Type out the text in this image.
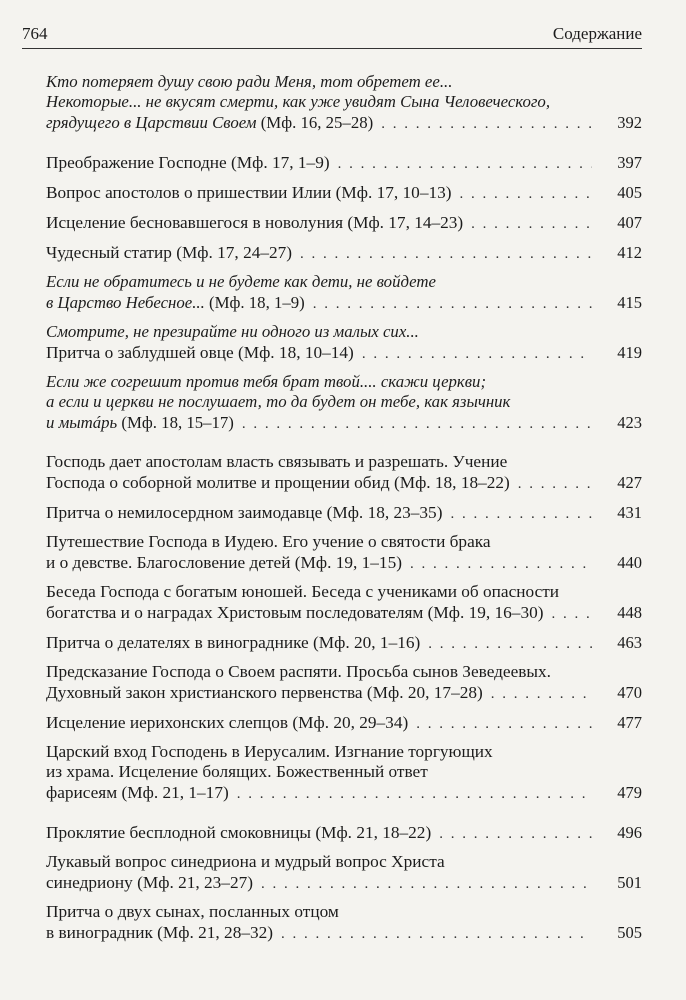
764	Содержание
Кто потеряет душу свою ради Меня, тот обретет ее...
Некоторые... не вкусят смерти, как уже увидят Сына Человеческого,
грядущего в Царствии Своем (Мф. 16, 25–28) . . .	392
Преображение Господне (Мф. 17, 1–9) . . .	397
Вопрос апостолов о пришествии Илии (Мф. 17, 10–13) . . .	405
Исцеление бесновавшегося в новолуния (Мф. 17, 14–23) . . .	407
Чудесный статир (Мф. 17, 24–27) . . .	412
Если не обратитесь и не будете как дети, не войдете
в Царство Небесное... (Мф. 18, 1–9) . . .	415
Смотрите, не презирайте ни одного из малых сих...
Притча о заблудшей овце (Мф. 18, 10–14) . . .	419
Если же согрешит против тебя брат твой.... скажи церкви;
а если и церкви не послушает, то да будет он тебе, как язычник
и мытáрь (Мф. 18, 15–17) . . .	423
Господь дает апостолам власть связывать и разрешать. Учение
Господа о соборной молитве и прощении обид (Мф. 18, 18–22) . . .	427
Притча о немилосердном заимодавце (Мф. 18, 23–35) . . .	431
Путешествие Господа в Иудею. Его учение о святости брака
и о девстве. Благословение детей (Мф. 19, 1–15) . . .	440
Беседа Господа с богатым юношей. Беседа с учениками об опасности
богатства и о наградах Христовым последователям (Мф. 19, 16–30) . . .	448
Притча о делателях в винограднике (Мф. 20, 1–16) . . .	463
Предсказание Господа о Своем распяти. Просьба сынов Зеведеевых.
Духовный закон христианского первенства (Мф. 20, 17–28) . . .	470
Исцеление иерихонских слепцов (Мф. 20, 29–34) . . .	477
Царский вход Господень в Иерусалим. Изгнание торгующих
из храма. Исцеление болящих. Божественный ответ
фарисеям (Мф. 21, 1–17) . . .	479
Проклятие бесплодной смоковницы (Мф. 21, 18–22) . . .	496
Лукавый вопрос синедриона и мудрый вопрос Христа
синедриону (Мф. 21, 23–27) . . .	501
Притча о двух сынах, посланных отцом
в виноградник (Мф. 21, 28–32) . . .	505
